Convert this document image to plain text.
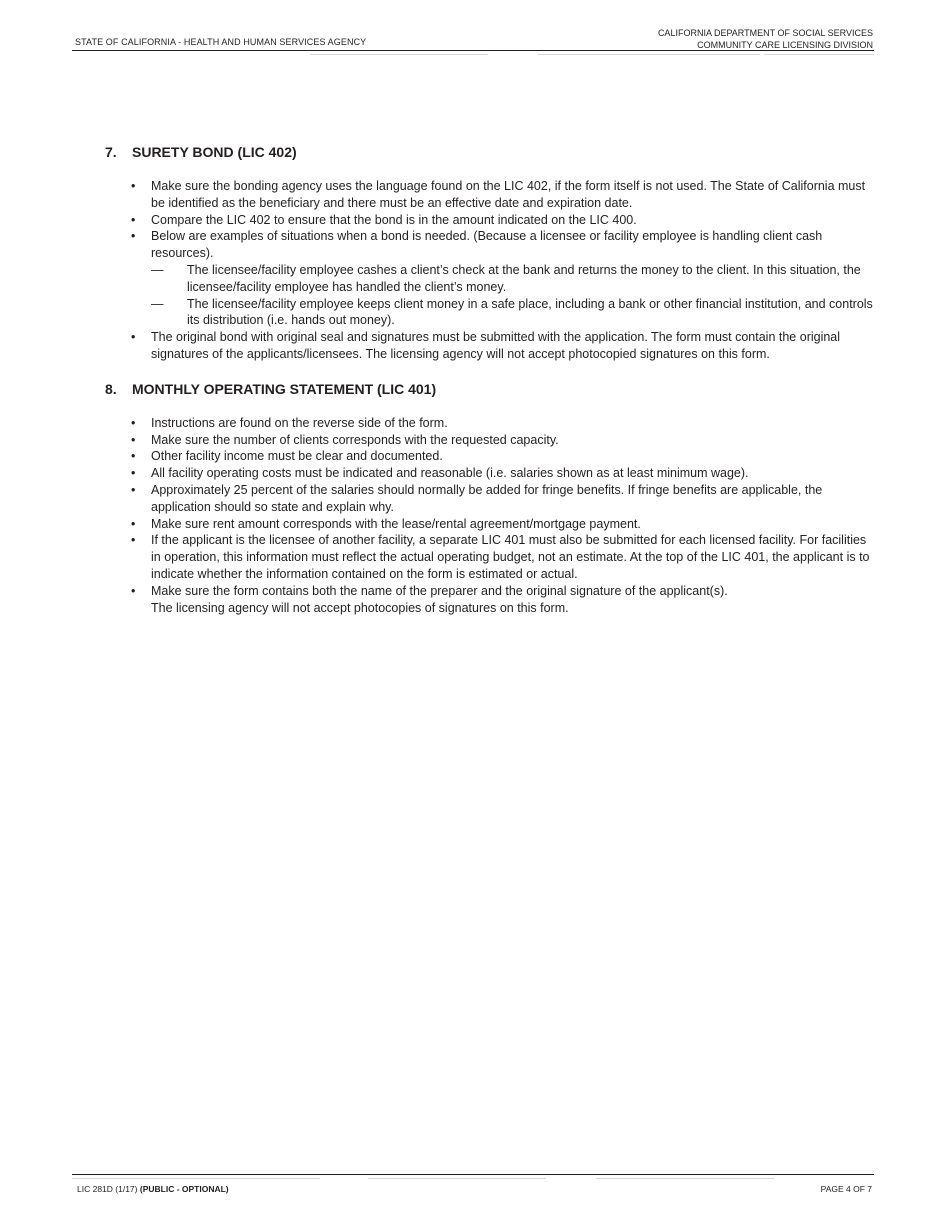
STATE OF CALIFORNIA - HEALTH AND HUMAN SERVICES AGENCY
CALIFORNIA DEPARTMENT OF SOCIAL SERVICES
COMMUNITY CARE LICENSING DIVISION
7.	SURETY BOND (LIC 402)
• Make sure the bonding agency uses the language found on the LIC 402, if the form itself is not used. The State of California must be identified as the beneficiary and there must be an effective date and expiration date.
• Compare the LIC 402 to ensure that the bond is in the amount indicated on the LIC 400.
• Below are examples of situations when a bond is needed. (Because a licensee or facility employee is handling client cash resources).
— The licensee/facility employee cashes a client’s check at the bank and returns the money to the client. In this situation, the licensee/facility employee has handled the client’s money.
— The licensee/facility employee keeps client money in a safe place, including a bank or other financial institution, and controls its distribution (i.e. hands out money).
• The original bond with original seal and signatures must be submitted with the application. The form must contain the original signatures of the applicants/licensees. The licensing agency will not accept photocopied signatures on this form.
8.	MONTHLY OPERATING STATEMENT (LIC 401)
• Instructions are found on the reverse side of the form.
• Make sure the number of clients corresponds with the requested capacity.
• Other facility income must be clear and documented.
• All facility operating costs must be indicated and reasonable (i.e. salaries shown as at least minimum wage).
• Approximately 25 percent of the salaries should normally be added for fringe benefits. If fringe benefits are applicable, the application should so state and explain why.
• Make sure rent amount corresponds with the lease/rental agreement/mortgage payment.
• If the applicant is the licensee of another facility, a separate LIC 401 must also be submitted for each licensed facility. For facilities in operation, this information must reflect the actual operating budget, not an estimate. At the top of the LIC 401, the applicant is to indicate whether the information contained on the form is estimated or actual.
• Make sure the form contains both the name of the preparer and the original signature of the applicant(s).
The licensing agency will not accept photocopies of signatures on this form.
LIC 281D (1/17) (PUBLIC - OPTIONAL)	PAGE 4 OF 7
